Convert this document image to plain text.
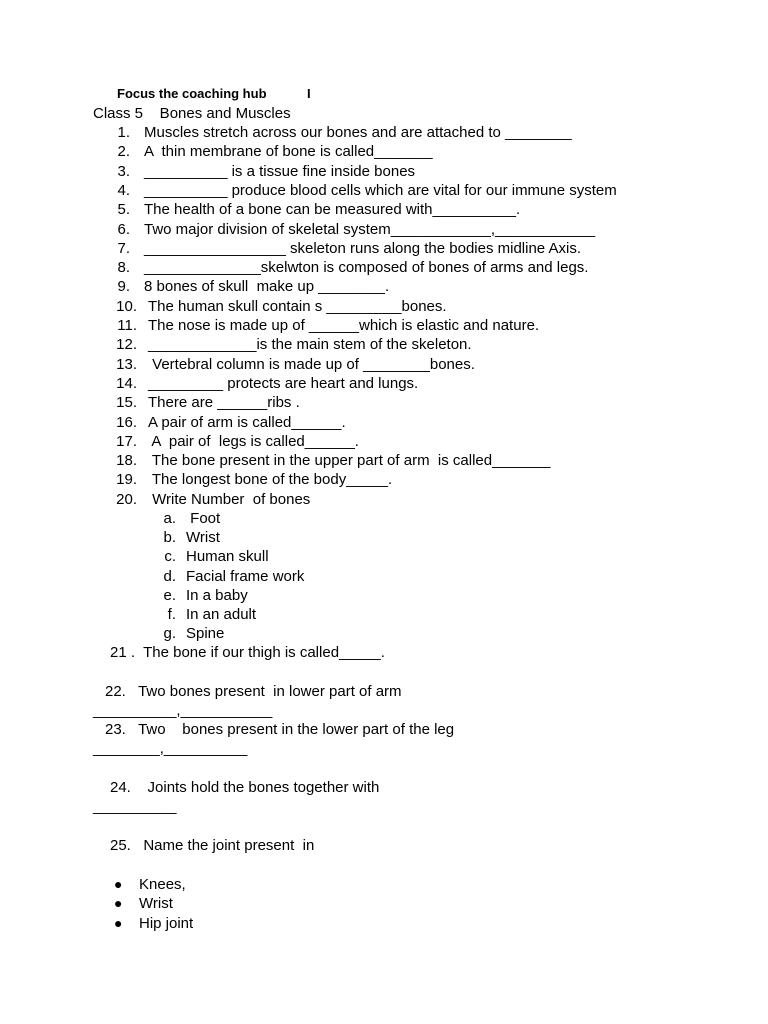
Focus the coaching hub	I
Class 5    Bones and Muscles
1. Muscles stretch across our bones and are attached to ________
2. A  thin membrane of bone is called_______
3. __________ is a tissue fine inside bones
4. __________ produce blood cells which are vital for our immune system
5. The health of a bone can be measured with__________.
6. Two major division of skeletal system____________,____________
7. _________________ skeleton runs along the bodies midline Axis.
8. ______________skelwton is composed of bones of arms and legs.
9. 8 bones of skull  make up ________.
10. The human skull contain s _________bones.
11. The nose is made up of ______which is elastic and nature.
12. _____________is the main stem of the skeleton.
13. Vertebral column is made up of ________bones.
14. _________ protects are heart and lungs.
15. There are ______ribs .
16. A pair of arm is called______.
17. A  pair of  legs is called______.
18. The bone present in the upper part of arm  is called_______
19. The longest bone of the body_____.
20. Write Number  of bones
a. Foot
b. Wrist
c. Human skull
d. Facial frame work
e. In a baby
f. In an adult
g. Spine
21 .  The bone if our thigh is called_____.
22.   Two bones present  in lower part of arm
__________,___________
23.   Two    bones present in the lower part of the leg
________,__________
24.    Joints hold the bones together with
__________
25.   Name the joint present  in
● Knees,
● Wrist
● Hip joint
